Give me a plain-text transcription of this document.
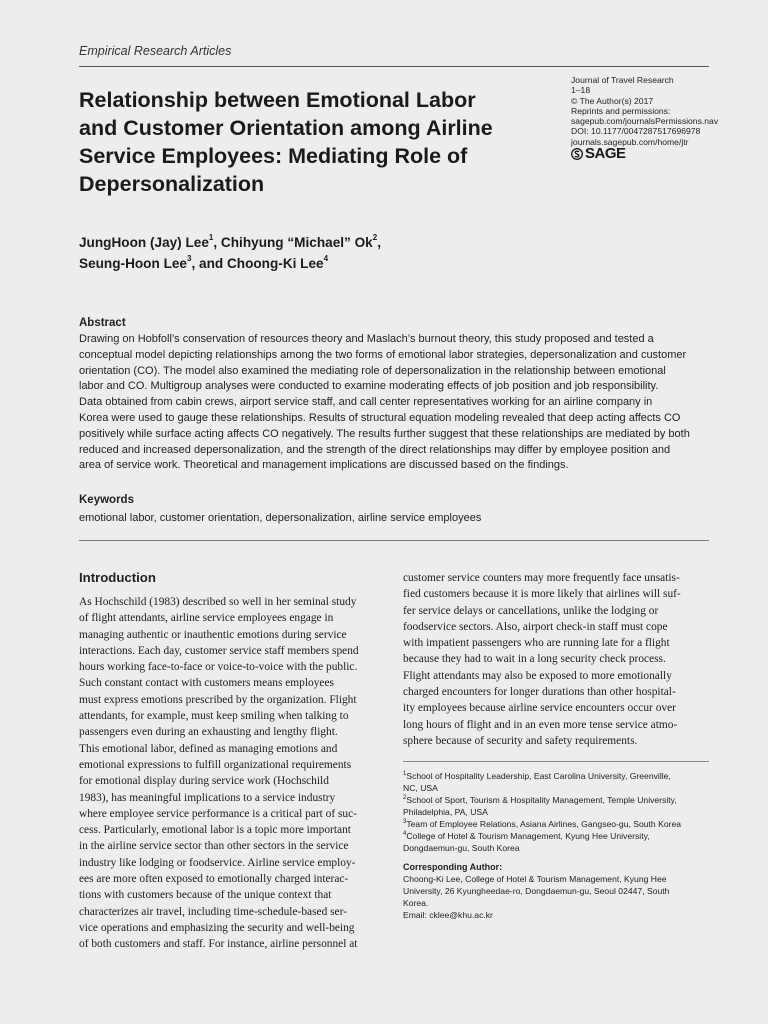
Empirical Research Articles
Relationship between Emotional Labor
and Customer Orientation among Airline
Service Employees: Mediating Role of
Depersonalization
Journal of Travel Research
1–18
© The Author(s) 2017
Reprints and permissions:
sagepub.com/journalsPermissions.nav
DOI: 10.1177/0047287517696978
journals.sagepub.com/home/jtr
SAGE
JungHoon (Jay) Lee$^1$, Chihyung “Michael” Ok$^2$,
Seung-Hoon Lee$^3$, and Choong-Ki Lee$^4$
Abstract
Drawing on Hobfoll’s conservation of resources theory and Maslach’s burnout theory, this study proposed and tested a
conceptual model depicting relationships among the two forms of emotional labor strategies, depersonalization and customer
orientation (CO). The model also examined the mediating role of depersonalization in the relationship between emotional
labor and CO. Multigroup analyses were conducted to examine moderating effects of job position and job responsibility.
Data obtained from cabin crews, airport service staff, and call center representatives working for an airline company in
Korea were used to gauge these relationships. Results of structural equation modeling revealed that deep acting affects CO
positively while surface acting affects CO negatively. The results further suggest that these relationships are mediated by both
reduced and increased depersonalization, and the strength of the direct relationships may differ by employee position and
area of service work. Theoretical and management implications are discussed based on the findings.
Keywords
emotional labor, customer orientation, depersonalization, airline service employees
Introduction
As Hochschild (1983) described so well in her seminal study
of flight attendants, airline service employees engage in
managing authentic or inauthentic emotions during service
interactions. Each day, customer service staff members spend
hours working face-to-face or voice-to-voice with the public.
Such constant contact with customers means employees
must express emotions prescribed by the organization. Flight
attendants, for example, must keep smiling when talking to
passengers even during an exhausting and lengthy flight.
This emotional labor, defined as managing emotions and
emotional expressions to fulfill organizational requirements
for emotional display during service work (Hochschild
1983), has meaningful implications to a service industry
where employee service performance is a critical part of suc-
cess. Particularly, emotional labor is a topic more important
in the airline service sector than other sectors in the service
industry like lodging or foodservice. Airline service employ-
ees are more often exposed to emotionally charged interac-
tions with customers because of the unique context that
characterizes air travel, including time-schedule-based ser-
vice operations and emphasizing the security and well-being
of both customers and staff. For instance, airline personnel at
customer service counters may more frequently face unsatis-
fied customers because it is more likely that airlines will suf-
fer service delays or cancellations, unlike the lodging or
foodservice sectors. Also, airport check-in staff must cope
with impatient passengers who are running late for a flight
because they had to wait in a long security check process.
Flight attendants may also be exposed to more emotionally
charged encounters for longer durations than other hospital-
ity employees because airline service encounters occur over
long hours of flight and in an even more tense service atmo-
sphere because of security and safety requirements.
$^1$School of Hospitality Leadership, East Carolina University, Greenville,
NC, USA
$^2$School of Sport, Tourism & Hospitality Management, Temple University,
Philadelphia, PA, USA
$^3$Team of Employee Relations, Asiana Airlines, Gangseo-gu, South Korea
$^4$College of Hotel & Tourism Management, Kyung Hee University,
Dongdaemun-gu, South Korea
Corresponding Author:
Choong-Ki Lee, College of Hotel & Tourism Management, Kyung Hee
University, 26 Kyungheedae-ro, Dongdaemun-gu, Seoul 02447, South
Korea.
Email: cklee@khu.ac.kr
